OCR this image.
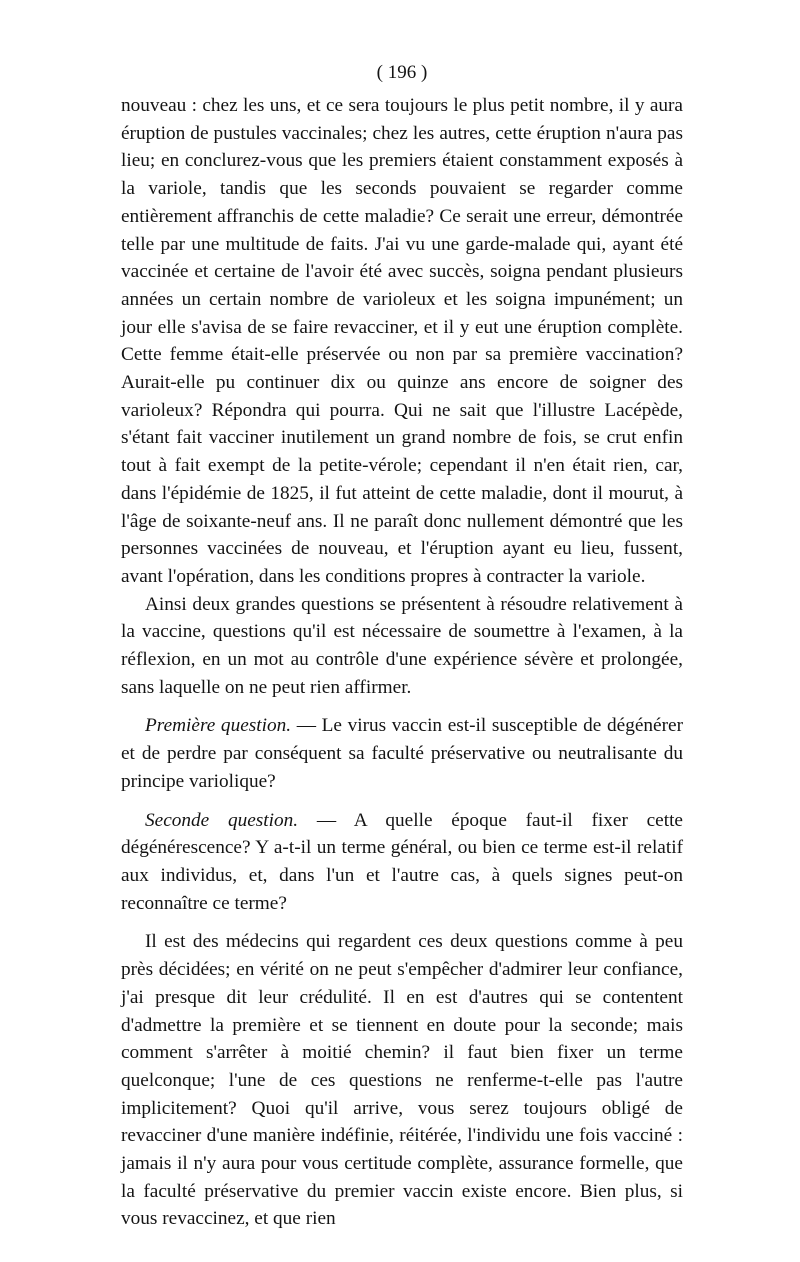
( 196 )

nouveau : chez les uns, et ce sera toujours le plus petit nombre, il y aura éruption de pustules vaccinales; chez les autres, cette éruption n'aura pas lieu; en conclurez-vous que les premiers étaient constamment exposés à la variole, tandis que les seconds pouvaient se regarder comme entièrement affranchis de cette maladie? Ce serait une erreur, démontrée telle par une multitude de faits. J'ai vu une garde-malade qui, ayant été vaccinée et certaine de l'avoir été avec succès, soigna pendant plusieurs années un certain nombre de varioleux et les soigna impunément; un jour elle s'avisa de se faire revacciner, et il y eut une éruption complète. Cette femme était-elle préservée ou non par sa première vaccination? Aurait-elle pu continuer dix ou quinze ans encore de soigner des varioleux? Répondra qui pourra. Qui ne sait que l'illustre Lacépède, s'étant fait vacciner inutilement un grand nombre de fois, se crut enfin tout à fait exempt de la petite-vérole; cependant il n'en était rien, car, dans l'épidémie de 1825, il fut atteint de cette maladie, dont il mourut, à l'âge de soixante-neuf ans. Il ne paraît donc nullement démontré que les personnes vaccinées de nouveau, et l'éruption ayant eu lieu, fussent, avant l'opération, dans les conditions propres à contracter la variole.

Ainsi deux grandes questions se présentent à résoudre relativement à la vaccine, questions qu'il est nécessaire de soumettre à l'examen, à la réflexion, en un mot au contrôle d'une expérience sévère et prolongée, sans laquelle on ne peut rien affirmer.

Première question. — Le virus vaccin est-il susceptible de dégénérer et de perdre par conséquent sa faculté préservative ou neutralisante du principe variolique?

Seconde question. — A quelle époque faut-il fixer cette dégénérescence? Y a-t-il un terme général, ou bien ce terme est-il relatif aux individus, et, dans l'un et l'autre cas, à quels signes peut-on reconnaître ce terme?

Il est des médecins qui regardent ces deux questions comme à peu près décidées; en vérité on ne peut s'empêcher d'admirer leur confiance, j'ai presque dit leur crédulité. Il en est d'autres qui se contentent d'admettre la première et se tiennent en doute pour la seconde; mais comment s'arrêter à moitié chemin? il faut bien fixer un terme quelconque; l'une de ces questions ne renferme-t-elle pas l'autre implicitement? Quoi qu'il arrive, vous serez toujours obligé de revacciner d'une manière indéfinie, réitérée, l'individu une fois vacciné : jamais il n'y aura pour vous certitude complète, assurance formelle, que la faculté préservative du premier vaccin existe encore. Bien plus, si vous revaccinez, et que rien
